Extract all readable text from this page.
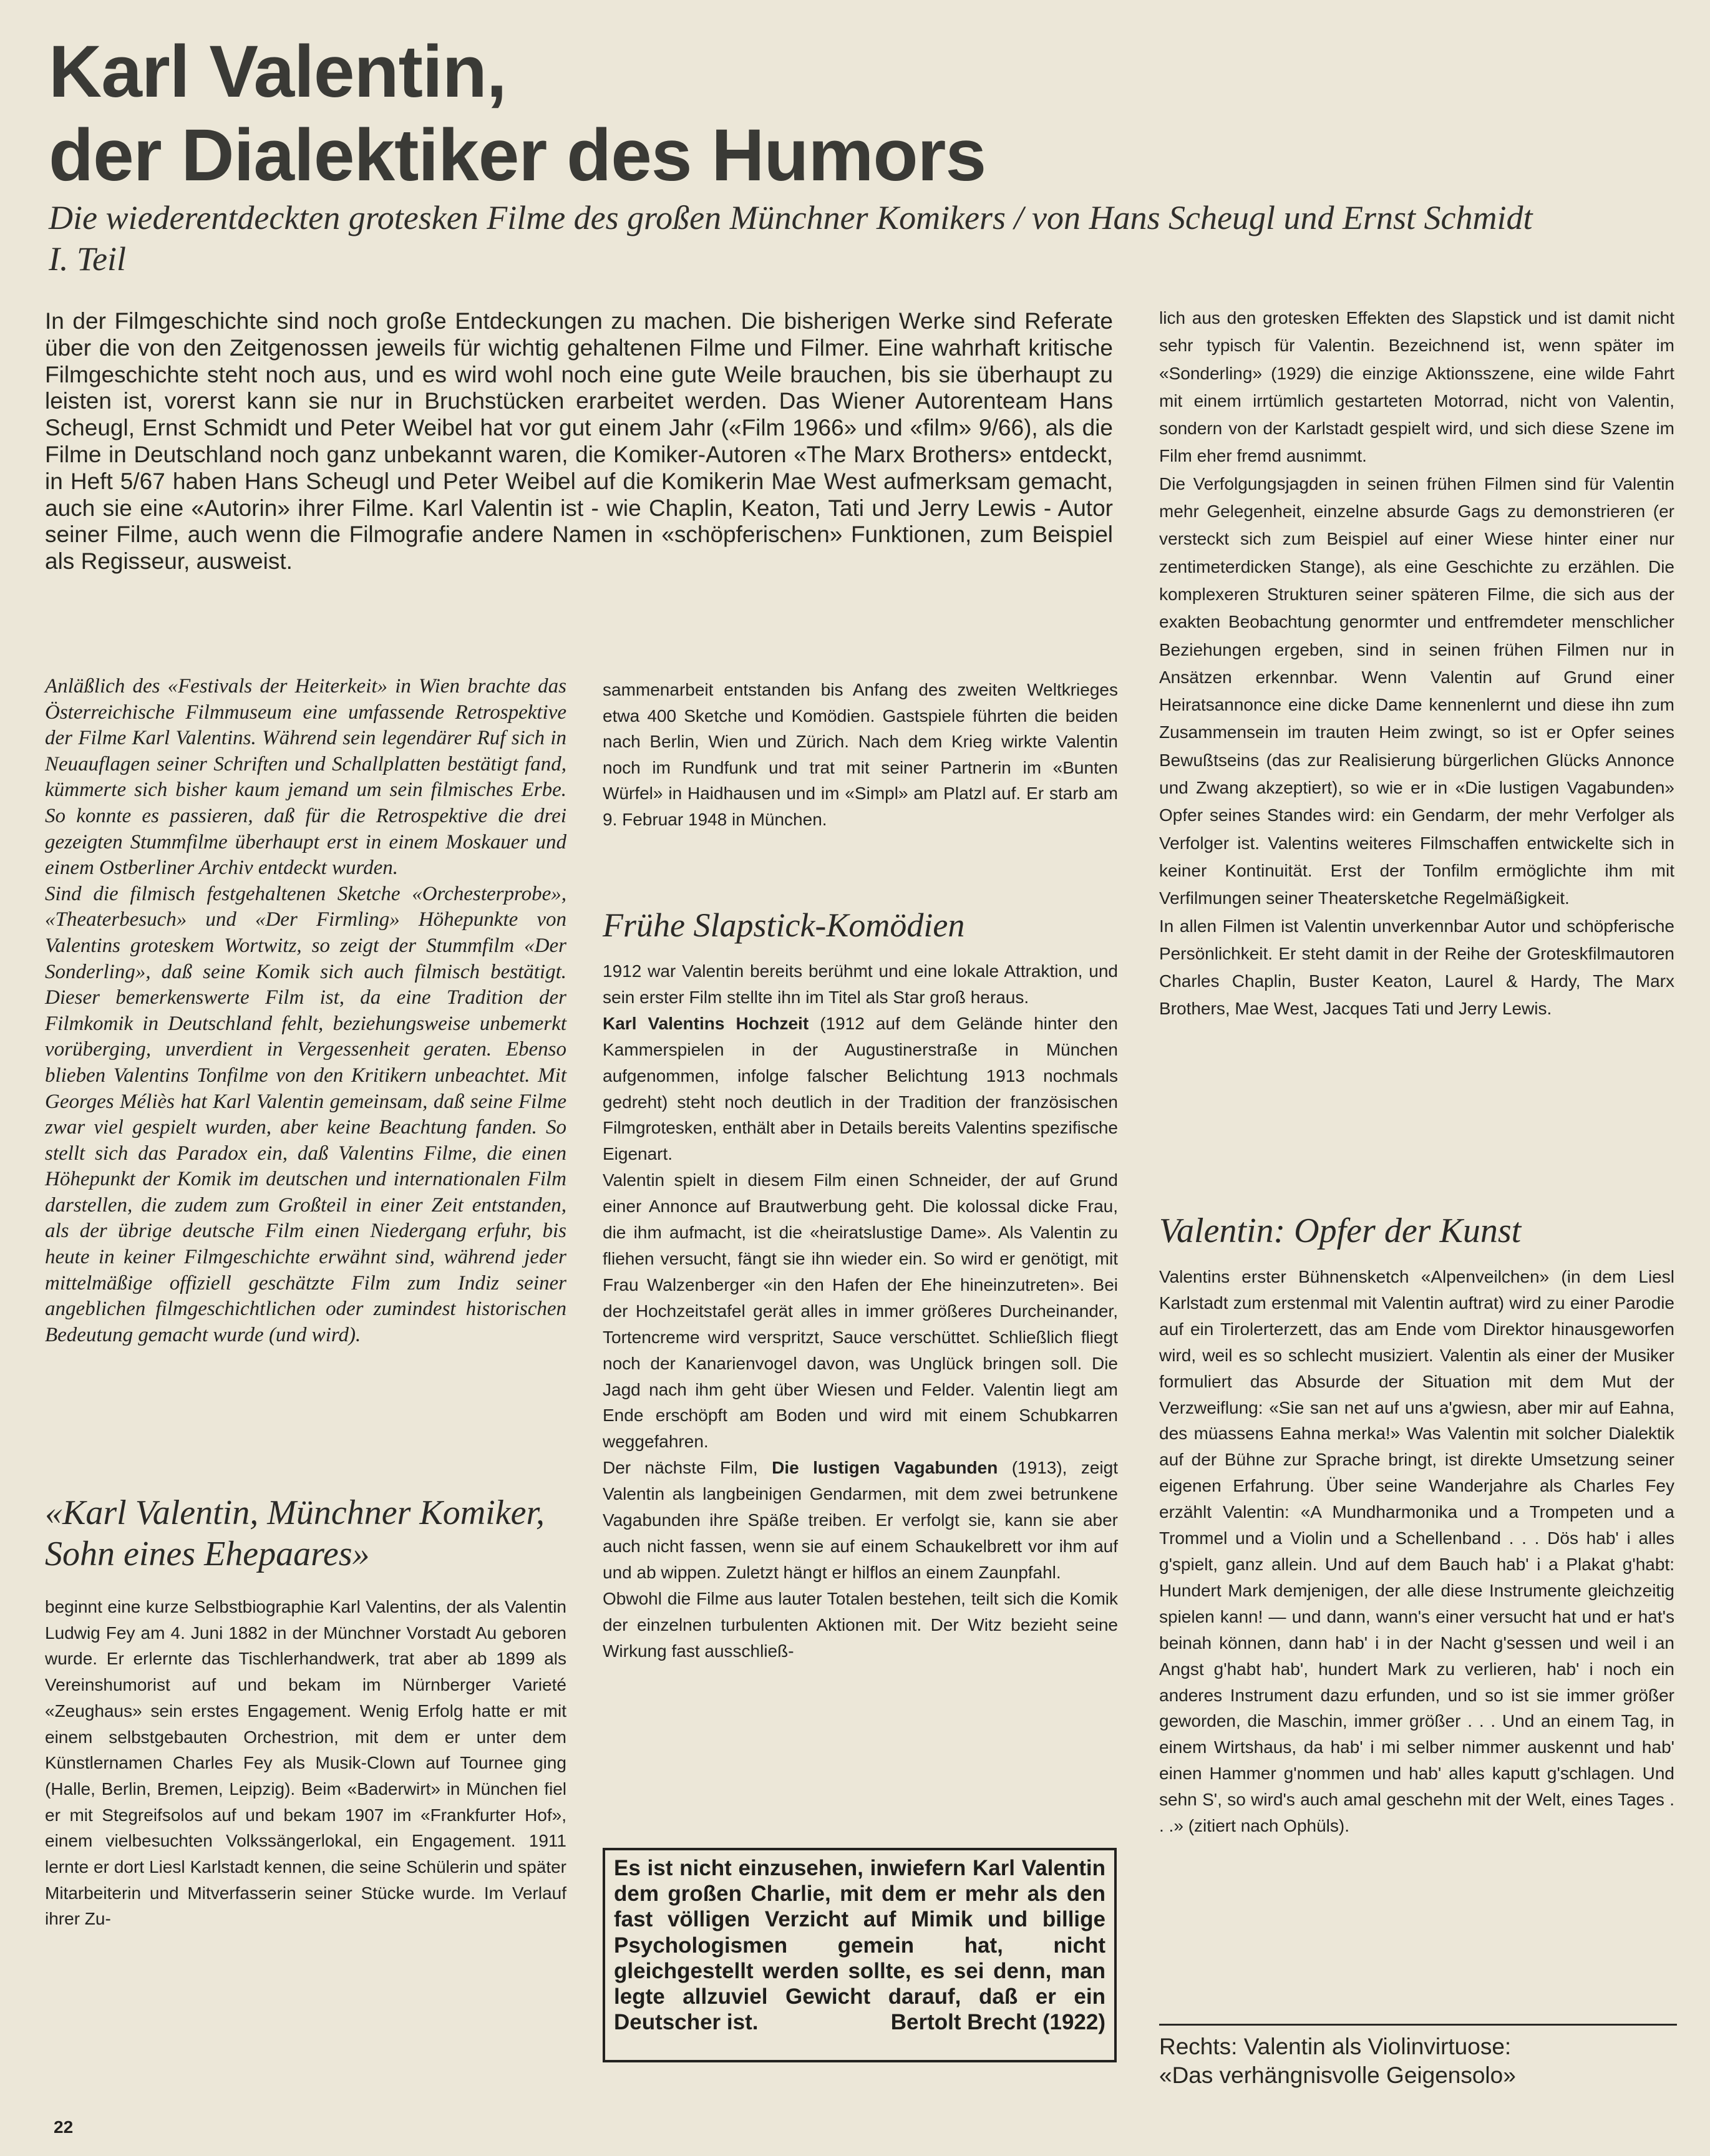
Karl Valentin,
der Dialektiker des Humors
Die wiederentdeckten grotesken Filme des großen Münchner Komikers / von Hans Scheugl und Ernst Schmidt
I. Teil
In der Filmgeschichte sind noch große Entdeckungen zu machen. Die bisherigen Werke sind Referate über die von den Zeitgenossen jeweils für wichtig gehaltenen Filme und Filmer. Eine wahrhaft kritische Filmgeschichte steht noch aus, und es wird wohl noch eine gute Weile brauchen, bis sie überhaupt zu leisten ist, vorerst kann sie nur in Bruchstücken erarbeitet werden. Das Wiener Autorenteam Hans Scheugl, Ernst Schmidt und Peter Weibel hat vor gut einem Jahr («Film 1966» und «film» 9/66), als die Filme in Deutschland noch ganz unbekannt waren, die Komiker-Autoren «The Marx Brothers» entdeckt, in Heft 5/67 haben Hans Scheugl und Peter Weibel auf die Komikerin Mae West aufmerksam gemacht, auch sie eine «Autorin» ihrer Filme. Karl Valentin ist - wie Chaplin, Keaton, Tati und Jerry Lewis - Autor seiner Filme, auch wenn die Filmografie andere Namen in «schöpferischen» Funktionen, zum Beispiel als Regisseur, ausweist.

Anläßlich des «Festivals der Heiterkeit» in Wien brachte das Österreichische Filmmuseum eine umfassende Retrospektive der Filme Karl Valentins. Während sein legendärer Ruf sich in Neuauflagen seiner Schriften und Schallplatten bestätigt fand, kümmerte sich bisher kaum jemand um sein filmisches Erbe. So konnte es passieren, daß für die Retrospektive die drei gezeigten Stummfilme überhaupt erst in einem Moskauer und einem Ostberliner Archiv entdeckt wurden.

Sind die filmisch festgehaltenen Sketche «Orchesterprobe», «Theaterbesuch» und «Der Firmling» Höhepunkte von Valentins groteskem Wortwitz, so zeigt der Stummfilm «Der Sonderling», daß seine Komik sich auch filmisch bestätigt. Dieser bemerkenswerte Film ist, da eine Tradition der Filmkomik in Deutschland fehlt, beziehungsweise unbemerkt vorüberging, unverdient in Vergessenheit geraten. Ebenso blieben Valentins Tonfilme von den Kritikern unbeachtet. Mit Georges Méliès hat Karl Valentin gemeinsam, daß seine Filme zwar viel gespielt wurden, aber keine Beachtung fanden. So stellt sich das Paradox ein, daß Valentins Filme, die einen Höhepunkt der Komik im deutschen und internationalen Film darstellen, die zudem zum Großteil in einer Zeit entstanden, als der übrige deutsche Film einen Niedergang erfuhr, bis heute in keiner Filmgeschichte erwähnt sind, während jeder mittelmäßige offiziell geschätzte Film zum Indiz seiner angeblichen filmgeschichtlichen oder zumindest historischen Bedeutung gemacht wurde (und wird).

«Karl Valentin, Münchner Komiker, Sohn eines Ehepaares»

beginnt eine kurze Selbstbiographie Karl Valentins, der als Valentin Ludwig Fey am 4. Juni 1882 in der Münchner Vorstadt Au geboren wurde. Er erlernte das Tischlerhandwerk, trat aber ab 1899 als Vereinshumorist auf und bekam im Nürnberger Varieté «Zeughaus» sein erstes Engagement. Wenig Erfolg hatte er mit einem selbstgebauten Orchestrion, mit dem er unter dem Künstlernamen Charles Fey als Musik-Clown auf Tournee ging (Halle, Berlin, Bremen, Leipzig). Beim «Baderwirt» in München fiel er mit Stegreifsolos auf und bekam 1907 im «Frankfurter Hof», einem vielbesuchten Volkssängerlokal, ein Engagement. 1911 lernte er dort Liesl Karlstadt kennen, die seine Schülerin und später Mitarbeiterin und Mitverfasserin seiner Stücke wurde. Im Verlauf ihrer Zu-

sammenarbeit entstanden bis Anfang des zweiten Weltkrieges etwa 400 Sketche und Komödien. Gastspiele führten die beiden nach Berlin, Wien und Zürich. Nach dem Krieg wirkte Valentin noch im Rundfunk und trat mit seiner Partnerin im «Bunten Würfel» in Haidhausen und im «Simpl» am Platzl auf. Er starb am 9. Februar 1948 in München.

Frühe Slapstick-Komödien

1912 war Valentin bereits berühmt und eine lokale Attraktion, und sein erster Film stellte ihn im Titel als Star groß heraus.

Karl Valentins Hochzeit (1912 auf dem Gelände hinter den Kammerspielen in der Augustinerstraße in München aufgenommen, infolge falscher Belichtung 1913 nochmals gedreht) steht noch deutlich in der Tradition der französischen Filmgrotesken, enthält aber in Details bereits Valentins spezifische Eigenart.

Valentin spielt in diesem Film einen Schneider, der auf Grund einer Annonce auf Brautwerbung geht. Die kolossal dicke Frau, die ihm aufmacht, ist die «heiratslustige Dame». Als Valentin zu fliehen versucht, fängt sie ihn wieder ein. So wird er genötigt, mit Frau Walzenberger «in den Hafen der Ehe hineinzutreten». Bei der Hochzeitstafel gerät alles in immer größeres Durcheinander, Tortencreme wird verspritzt, Sauce verschüttet. Schließlich fliegt noch der Kanarienvogel davon, was Unglück bringen soll. Die Jagd nach ihm geht über Wiesen und Felder. Valentin liegt am Ende erschöpft am Boden und wird mit einem Schubkarren weggefahren.

Der nächste Film, Die lustigen Vagabunden (1913), zeigt Valentin als langbeinigen Gendarmen, mit dem zwei betrunkene Vagabunden ihre Späße treiben. Er verfolgt sie, kann sie aber auch nicht fassen, wenn sie auf einem Schaukelbrett vor ihm auf und ab wippen. Zuletzt hängt er hilflos an einem Zaunpfahl.

Obwohl die Filme aus lauter Totalen bestehen, teilt sich die Komik der einzelnen turbulenten Aktionen mit. Der Witz bezieht seine Wirkung fast ausschließ-

Es ist nicht einzusehen, inwiefern Karl Valentin dem großen Charlie, mit dem er mehr als den fast völligen Verzicht auf Mimik und billige Psychologismen gemein hat, nicht gleichgestellt werden sollte, es sei denn, man legte allzuviel Gewicht darauf, daß er ein Deutscher ist.	Bertolt Brecht (1922)

lich aus den grotesken Effekten des Slapstick und ist damit nicht sehr typisch für Valentin. Bezeichnend ist, wenn später im «Sonderling» (1929) die einzige Aktionsszene, eine wilde Fahrt mit einem irrtümlich gestarteten Motorrad, nicht von Valentin, sondern von der Karlstadt gespielt wird, und sich diese Szene im Film eher fremd ausnimmt.

Die Verfolgungsjagden in seinen frühen Filmen sind für Valentin mehr Gelegenheit, einzelne absurde Gags zu demonstrieren (er versteckt sich zum Beispiel auf einer Wiese hinter einer nur zentimeterdicken Stange), als eine Geschichte zu erzählen. Die komplexeren Strukturen seiner späteren Filme, die sich aus der exakten Beobachtung genormter und entfremdeter menschlicher Beziehungen ergeben, sind in seinen frühen Filmen nur in Ansätzen erkennbar. Wenn Valentin auf Grund einer Heiratsannonce eine dicke Dame kennenlernt und diese ihn zum Zusammensein im trauten Heim zwingt, so ist er Opfer seines Bewußtseins (das zur Realisierung bürgerlichen Glücks Annonce und Zwang akzeptiert), so wie er in «Die lustigen Vagabunden» Opfer seines Standes wird: ein Gendarm, der mehr Verfolger als Verfolger ist. Valentins weiteres Filmschaffen entwickelte sich in keiner Kontinuität. Erst der Tonfilm ermöglichte ihm mit Verfilmungen seiner Theatersketche Regelmäßigkeit.

In allen Filmen ist Valentin unverkennbar Autor und schöpferische Persönlichkeit. Er steht damit in der Reihe der Groteskfilmautoren Charles Chaplin, Buster Keaton, Laurel & Hardy, The Marx Brothers, Mae West, Jacques Tati und Jerry Lewis.

Valentin: Opfer der Kunst

Valentins erster Bühnensketch «Alpenveilchen» (in dem Liesl Karlstadt zum erstenmal mit Valentin auftrat) wird zu einer Parodie auf ein Tirolerterzett, das am Ende vom Direktor hinausgeworfen wird, weil es so schlecht musiziert. Valentin als einer der Musiker formuliert das Absurde der Situation mit dem Mut der Verzweiflung: «Sie san net auf uns a'gwiesn, aber mir auf Eahna, des müassens Eahna merka!» Was Valentin mit solcher Dialektik auf der Bühne zur Sprache bringt, ist direkte Umsetzung seiner eigenen Erfahrung. Über seine Wanderjahre als Charles Fey erzählt Valentin: «A Mundharmonika und a Trompeten und a Trommel und a Violin und a Schellenband . . . Dös hab' i alles g'spielt, ganz allein. Und auf dem Bauch hab' i a Plakat g'habt: Hundert Mark demjenigen, der alle diese Instrumente gleichzeitig spielen kann! — und dann, wann's einer versucht hat und er hat's beinah können, dann hab' i in der Nacht g'sessen und weil i an Angst g'habt hab', hundert Mark zu verlieren, hab' i noch ein anderes Instrument dazu erfunden, und so ist sie immer größer geworden, die Maschin, immer größer . . . Und an einem Tag, in einem Wirtshaus, da hab' i mi selber nimmer auskennt und hab' einen Hammer g'nommen und hab' alles kaputt g'schlagen. Und sehn S', so wird's auch amal geschehn mit der Welt, eines Tages . . .» (zitiert nach Ophüls).

Rechts: Valentin als Violinvirtuose:
«Das verhängnisvolle Geigensolo»
22
